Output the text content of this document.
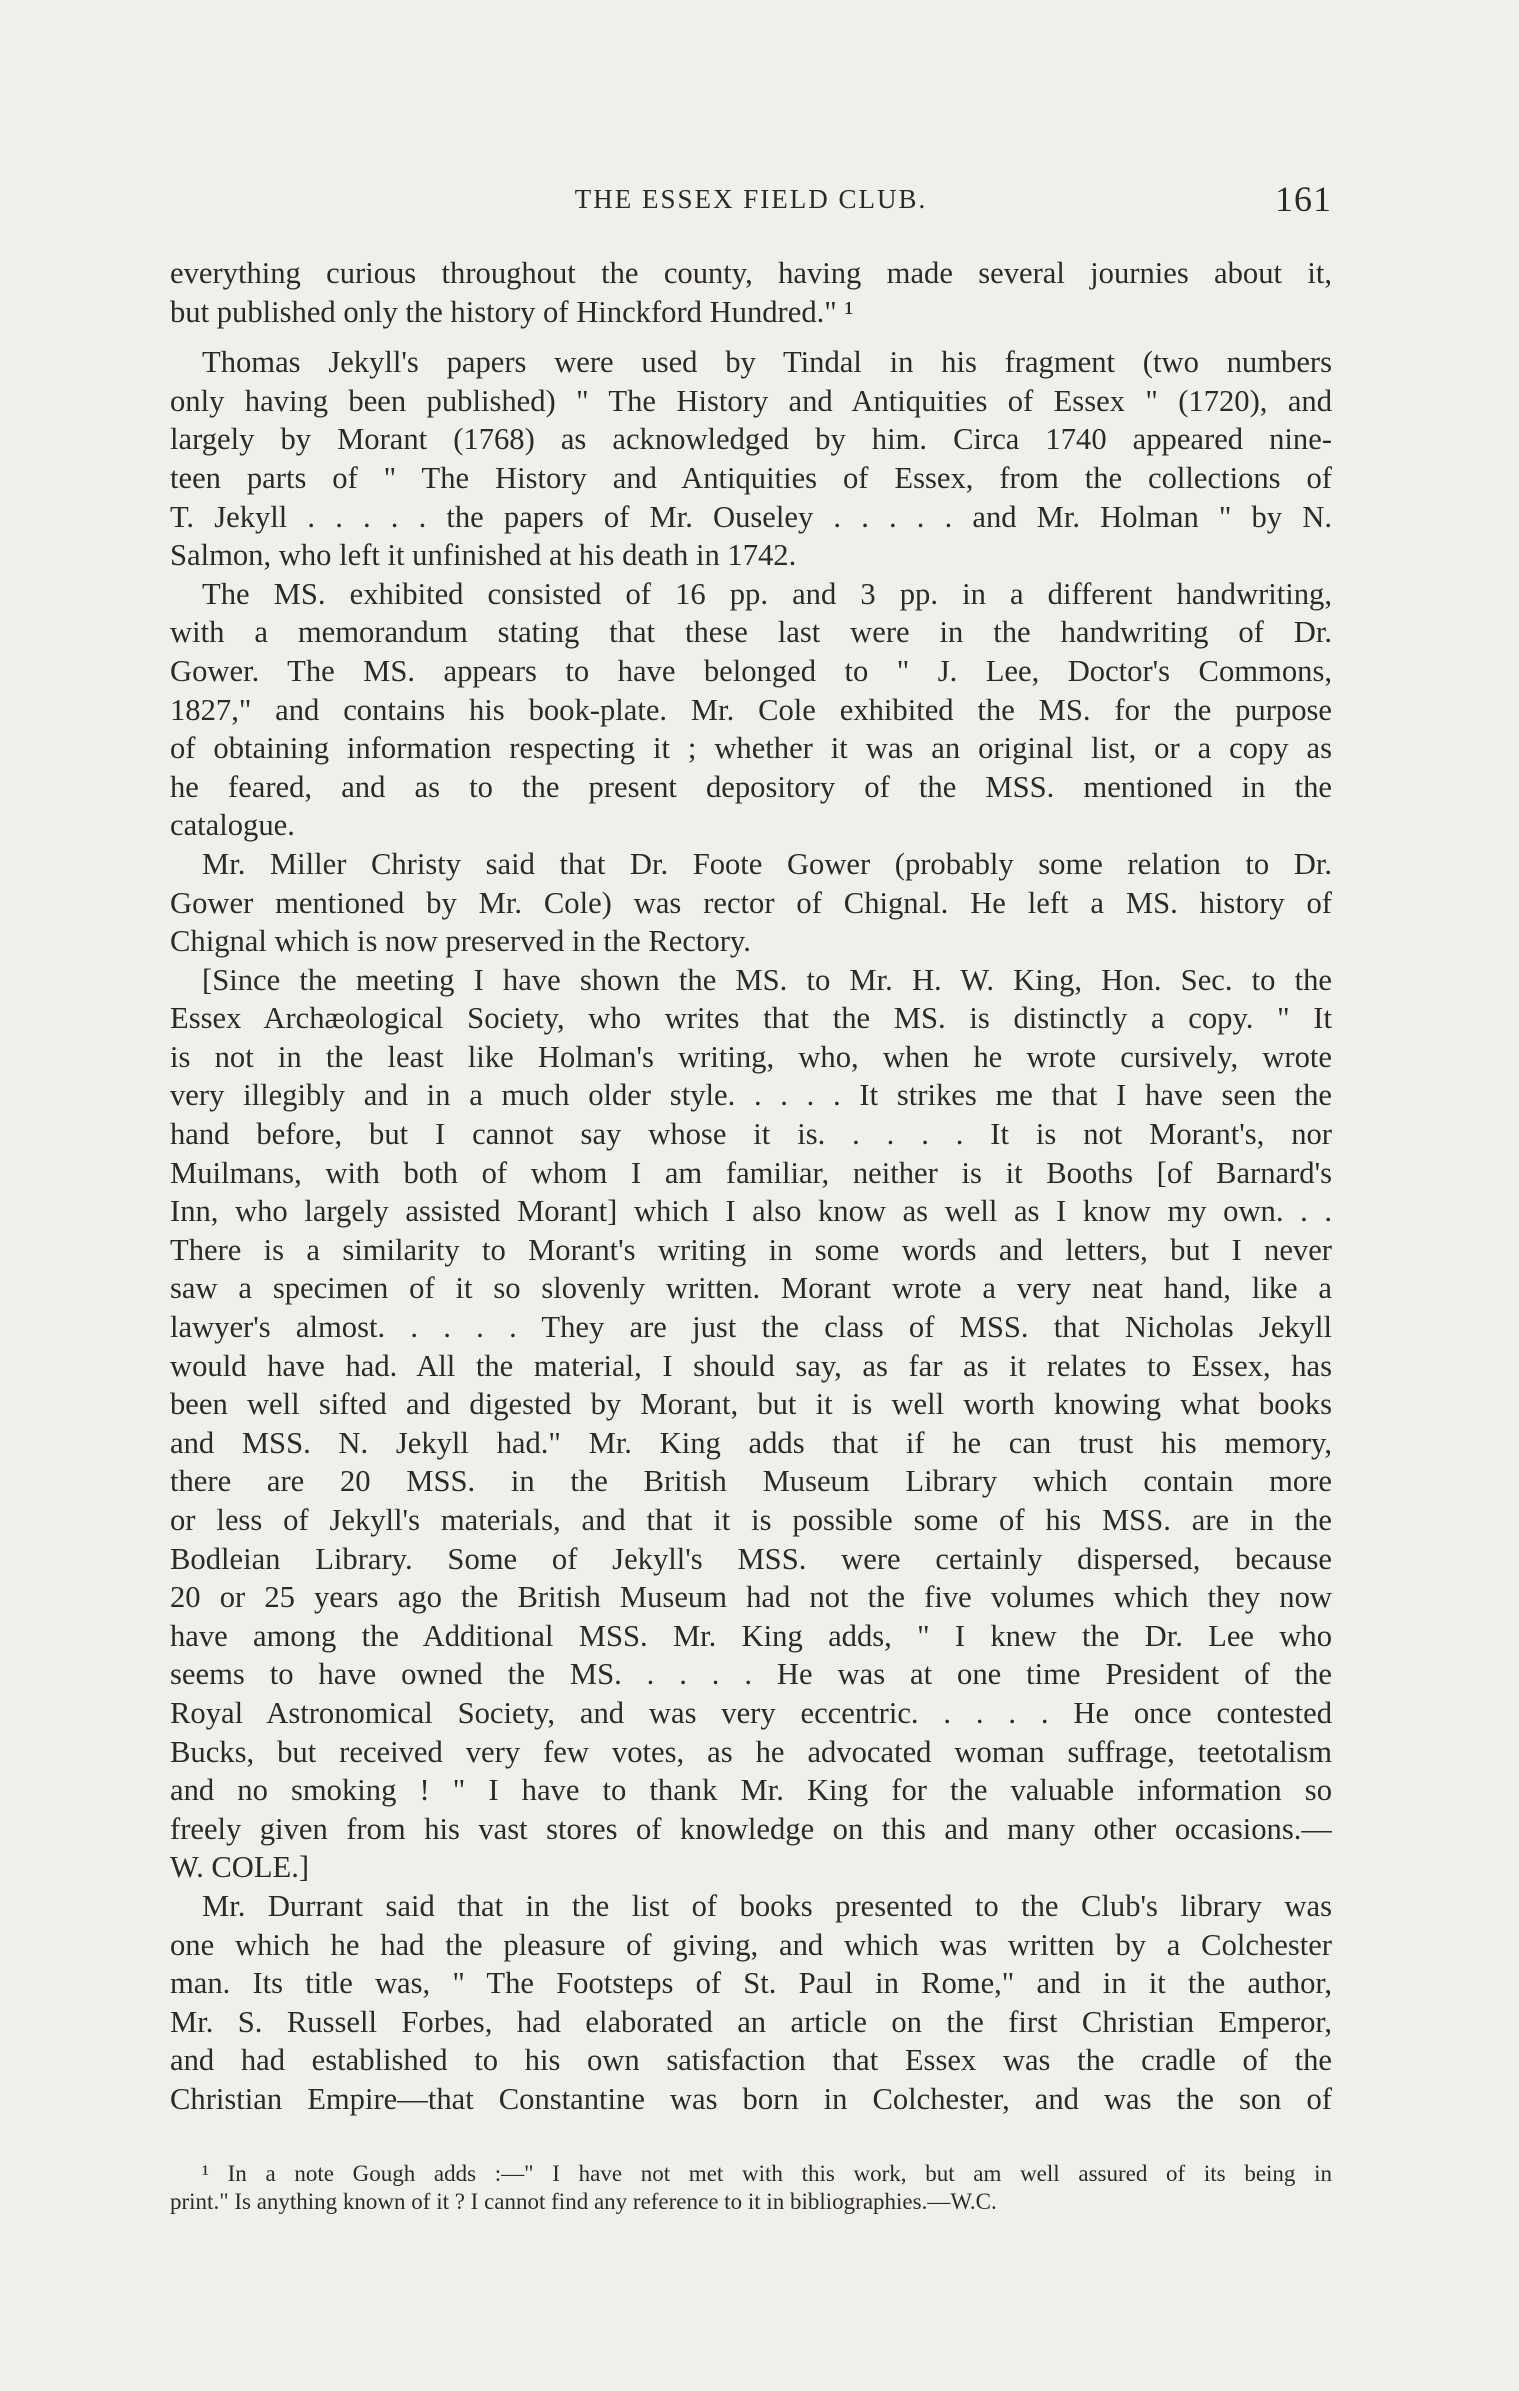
THE ESSEX FIELD CLUB.	161
everything curious throughout the county, having made several journies about it,
but published only the history of Hinckford Hundred." ¹
Thomas Jekyll's papers were used by Tindal in his fragment (two numbers
only having been published) " The History and Antiquities of Essex " (1720), and
largely by Morant (1768) as acknowledged by him. Circa 1740 appeared nine-
teen parts of " The History and Antiquities of Essex, from the collections of
T. Jekyll . . . . . the papers of Mr. Ouseley . . . . . and Mr. Holman " by N.
Salmon, who left it unfinished at his death in 1742.
The MS. exhibited consisted of 16 pp. and 3 pp. in a different handwriting,
with a memorandum stating that these last were in the handwriting of Dr.
Gower. The MS. appears to have belonged to " J. Lee, Doctor's Commons,
1827," and contains his book-plate. Mr. Cole exhibited the MS. for the purpose
of obtaining information respecting it ; whether it was an original list, or a copy as
he feared, and as to the present depository of the MSS. mentioned in the
catalogue.
Mr. Miller Christy said that Dr. Foote Gower (probably some relation to Dr.
Gower mentioned by Mr. Cole) was rector of Chignal. He left a MS. history of
Chignal which is now preserved in the Rectory.
[Since the meeting I have shown the MS. to Mr. H. W. King, Hon. Sec. to the
Essex Archæological Society, who writes that the MS. is distinctly a copy. " It
is not in the least like Holman's writing, who, when he wrote cursively, wrote
very illegibly and in a much older style. . . . . It strikes me that I have seen the
hand before, but I cannot say whose it is. . . . . It is not Morant's, nor
Muilmans, with both of whom I am familiar, neither is it Booths [of Barnard's
Inn, who largely assisted Morant] which I also know as well as I know my own. . .
There is a similarity to Morant's writing in some words and letters, but I never
saw a specimen of it so slovenly written. Morant wrote a very neat hand, like a
lawyer's almost. . . . . They are just the class of MSS. that Nicholas Jekyll
would have had. All the material, I should say, as far as it relates to Essex, has
been well sifted and digested by Morant, but it is well worth knowing what books
and MSS. N. Jekyll had." Mr. King adds that if he can trust his memory,
there are 20 MSS. in the British Museum Library which contain more
or less of Jekyll's materials, and that it is possible some of his MSS. are in the
Bodleian Library. Some of Jekyll's MSS. were certainly dispersed, because
20 or 25 years ago the British Museum had not the five volumes which they now
have among the Additional MSS. Mr. King adds, " I knew the Dr. Lee who
seems to have owned the MS. . . . . He was at one time President of the
Royal Astronomical Society, and was very eccentric. . . . . He once contested
Bucks, but received very few votes, as he advocated woman suffrage, teetotalism
and no smoking ! " I have to thank Mr. King for the valuable information so
freely given from his vast stores of knowledge on this and many other occasions.—
W. COLE.]
Mr. Durrant said that in the list of books presented to the Club's library was
one which he had the pleasure of giving, and which was written by a Colchester
man. Its title was, " The Footsteps of St. Paul in Rome," and in it the author,
Mr. S. Russell Forbes, had elaborated an article on the first Christian Emperor,
and had established to his own satisfaction that Essex was the cradle of the
Christian Empire—that Constantine was born in Colchester, and was the son of
¹ In a note Gough adds :—" I have not met with this work, but am well assured of its being in
print." Is anything known of it ? I cannot find any reference to it in bibliographies.—W.C.
